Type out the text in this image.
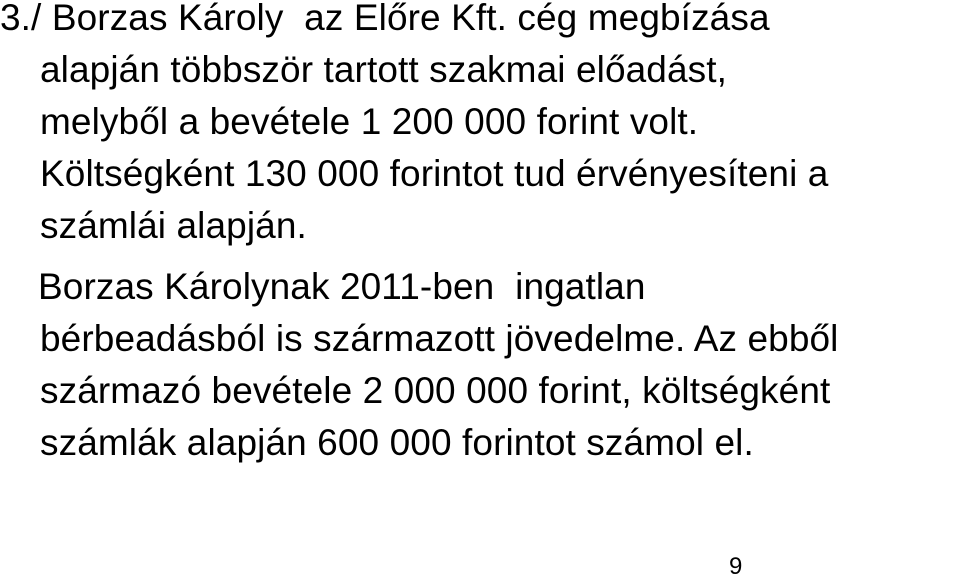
3./ Borzas Károly  az Előre Kft. cég megbízása
alapján többször tartott szakmai előadást,
melyből a bevétele 1 200 000 forint volt.
Költségként 130 000 forintot tud érvényesíteni a
számlái alapján.
Borzas Károlynak 2011-ben  ingatlan
bérbeadásból is származott jövedelme. Az ebből
származó bevétele 2 000 000 forint, költségként
számlák alapján 600 000 forintot számol el.
9
